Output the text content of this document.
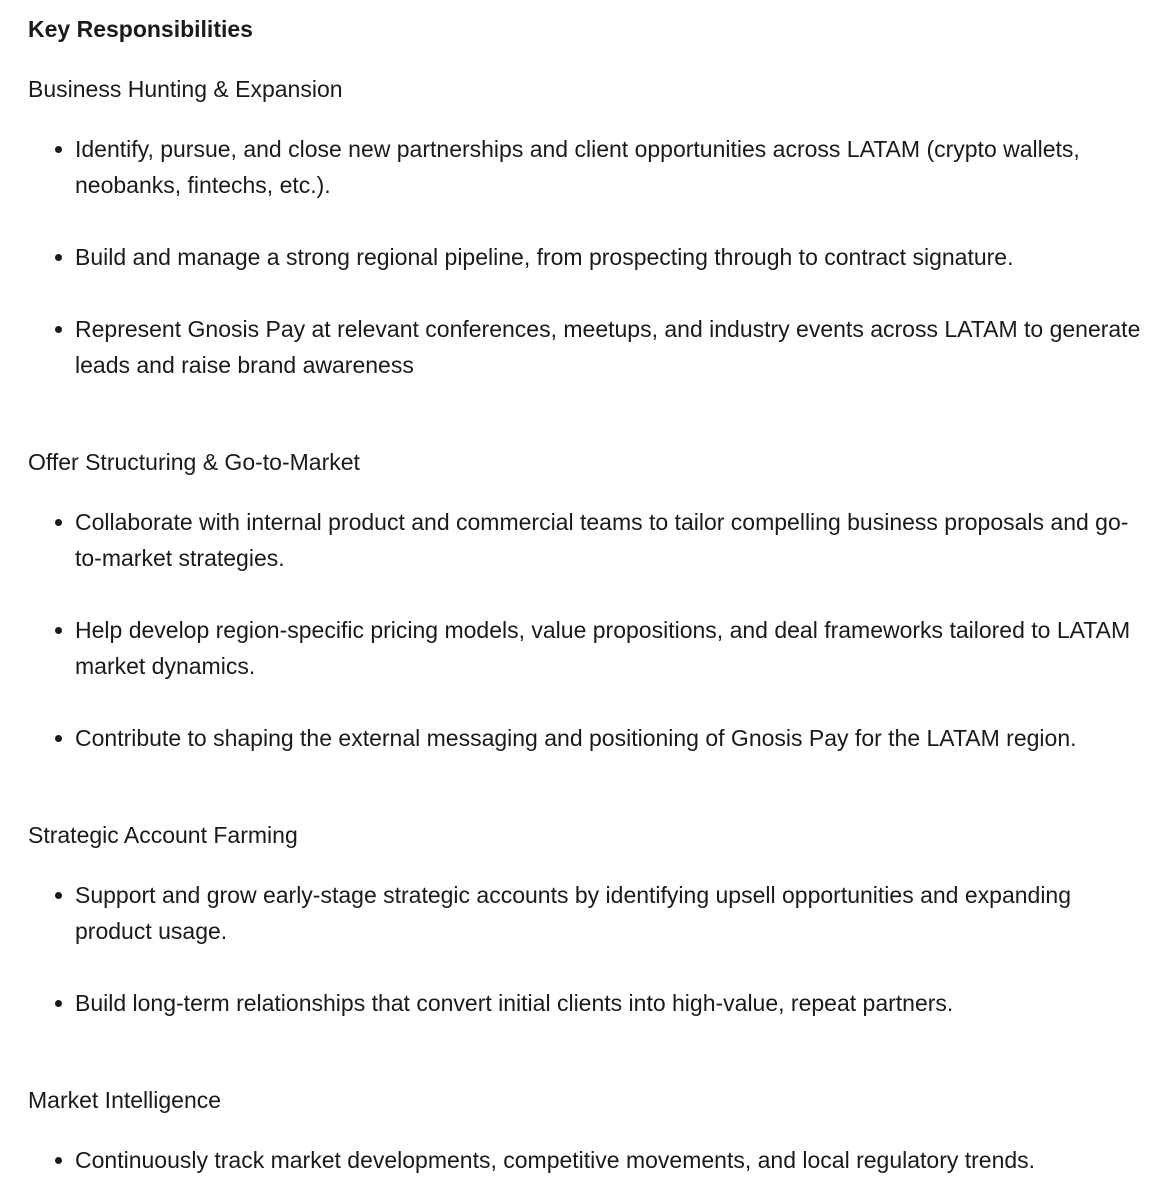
Key Responsibilities
Business Hunting & Expansion
Identify, pursue, and close new partnerships and client opportunities across LATAM (crypto wallets, neobanks, fintechs, etc.).
Build and manage a strong regional pipeline, from prospecting through to contract signature.
Represent Gnosis Pay at relevant conferences, meetups, and industry events across LATAM to generate leads and raise brand awareness
Offer Structuring & Go-to-Market
Collaborate with internal product and commercial teams to tailor compelling business proposals and go-to-market strategies.
Help develop region-specific pricing models, value propositions, and deal frameworks tailored to LATAM market dynamics.
Contribute to shaping the external messaging and positioning of Gnosis Pay for the LATAM region.
Strategic Account Farming
Support and grow early-stage strategic accounts by identifying upsell opportunities and expanding product usage.
Build long-term relationships that convert initial clients into high-value, repeat partners.
Market Intelligence
Continuously track market developments, competitive movements, and local regulatory trends.
